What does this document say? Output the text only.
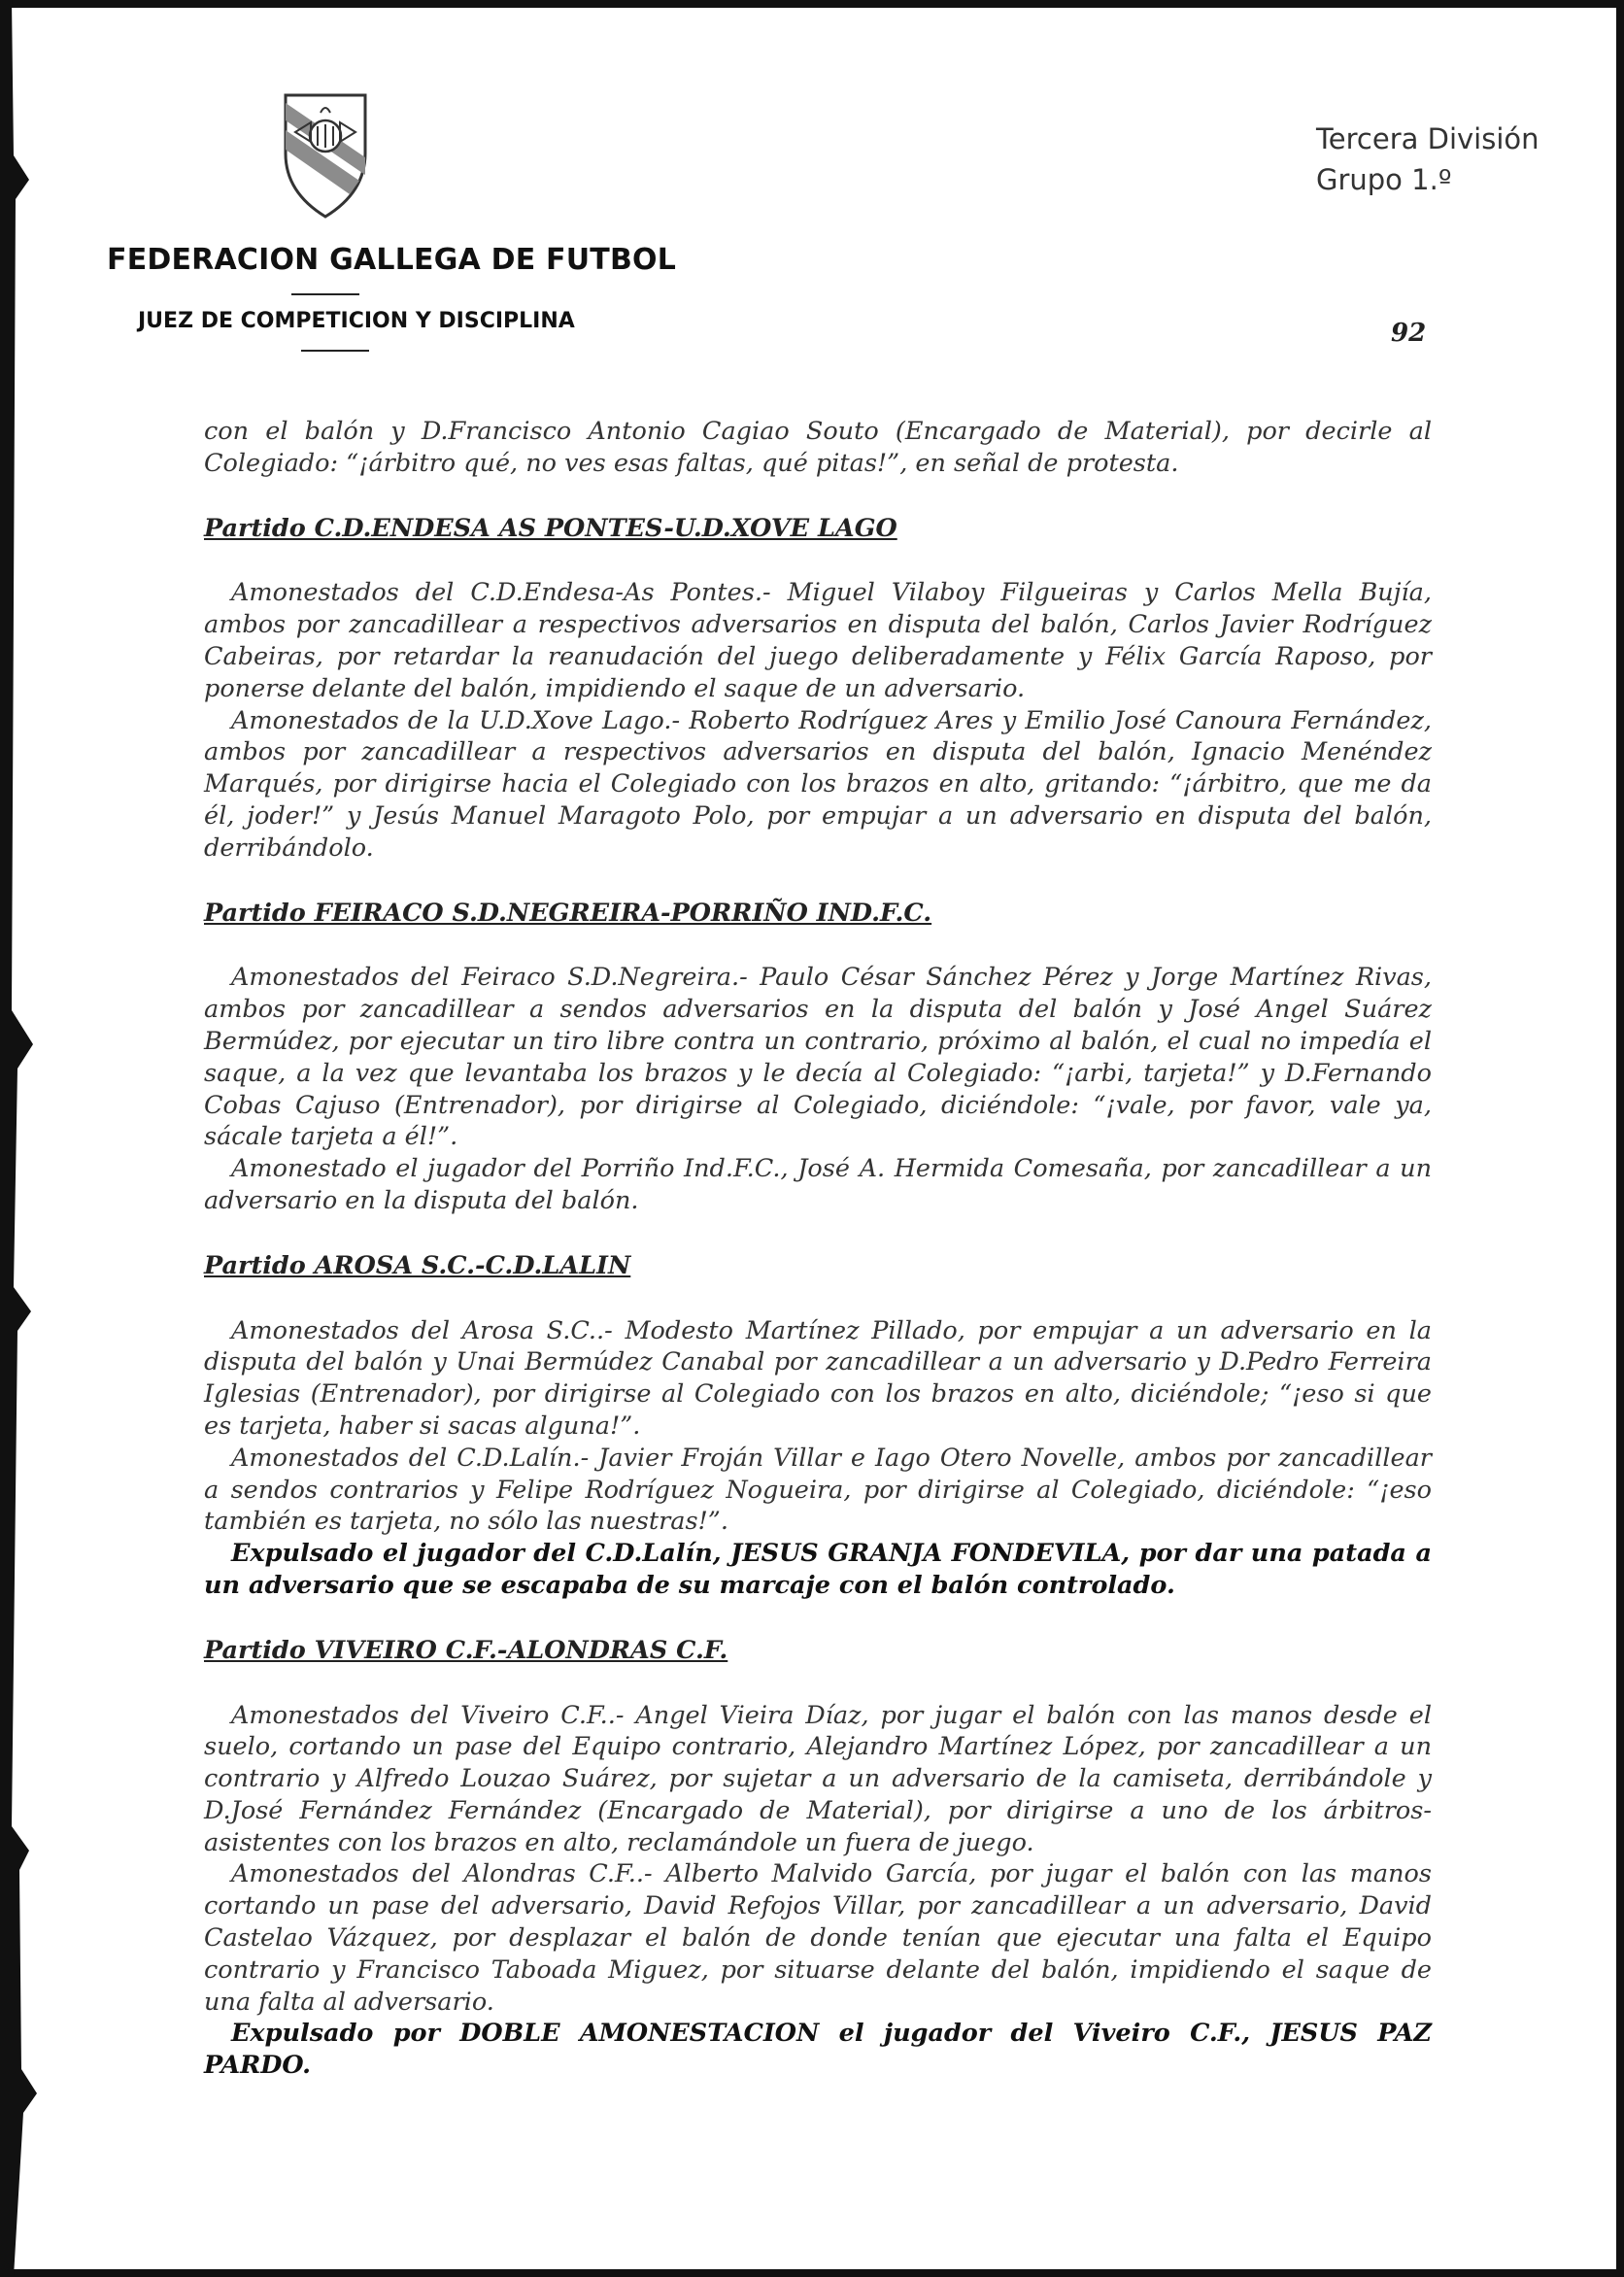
FEDERACION GALLEGA DE FUTBOL
JUEZ DE COMPETICION Y DISCIPLINA
Tercera División
Grupo 1.º
92

con el balón y D.Francisco Antonio Cagiao Souto (Encargado de Material), por decirle al Colegiado: “¡árbitro qué, no ves esas faltas, qué pitas!”, en señal de protesta.

Partido C.D.ENDESA AS PONTES-U.D.XOVE LAGO

Amonestados del C.D.Endesa-As Pontes.- Miguel Vilaboy Filgueiras y Carlos Mella Bujía, ambos por zancadillear a respectivos adversarios en disputa del balón, Carlos Javier Rodríguez Cabeiras, por retardar la reanudación del juego deliberadamente y Félix García Raposo, por ponerse delante del balón, impidiendo el saque de un adversario.

Amonestados de la U.D.Xove Lago.- Roberto Rodríguez Ares y Emilio José Canoura Fernández, ambos por zancadillear a respectivos adversarios en disputa del balón, Ignacio Menéndez Marqués, por dirigirse hacia el Colegiado con los brazos en alto, gritando: “¡árbitro, que me da él, joder!” y Jesús Manuel Maragoto Polo, por empujar a un adversario en disputa del balón, derribándolo.

Partido FEIRACO S.D.NEGREIRA-PORRIÑO IND.F.C.

Amonestados del Feiraco S.D.Negreira.- Paulo César Sánchez Pérez y Jorge Martínez Rivas, ambos por zancadillear a sendos adversarios en la disputa del balón y José Angel Suárez Bermúdez, por ejecutar un tiro libre contra un contrario, próximo al balón, el cual no impedía el saque, a la vez que levantaba los brazos y le decía al Colegiado: “¡arbi, tarjeta!” y D.Fernando Cobas Cajuso (Entrenador), por dirigirse al Colegiado, diciéndole: “¡vale, por favor, vale ya, sácale tarjeta a él!”.

Amonestado el jugador del Porriño Ind.F.C., José A. Hermida Comesaña, por zancadillear a un adversario en la disputa del balón.

Partido AROSA S.C.-C.D.LALIN

Amonestados del Arosa S.C..- Modesto Martínez Pillado, por empujar a un adversario en la disputa del balón y Unai Bermúdez Canabal por zancadillear a un adversario y D.Pedro Ferreira Iglesias (Entrenador), por dirigirse al Colegiado con los brazos en alto, diciéndole; “¡eso si que es tarjeta, haber si sacas alguna!”.

Amonestados del C.D.Lalín.- Javier Froján Villar e Iago Otero Novelle, ambos por zancadillear a sendos contrarios y Felipe Rodríguez Nogueira, por dirigirse al Colegiado, diciéndole: “¡eso también es tarjeta, no sólo las nuestras!”.

Expulsado el jugador del C.D.Lalín, JESUS GRANJA FONDEVILA, por dar una patada a un adversario que se escapaba de su marcaje con el balón controlado.

Partido VIVEIRO C.F.-ALONDRAS C.F.

Amonestados del Viveiro C.F..- Angel Vieira Díaz, por jugar el balón con las manos desde el suelo, cortando un pase del Equipo contrario, Alejandro Martínez López, por zancadillear a un contrario y Alfredo Louzao Suárez, por sujetar a un adversario de la camiseta, derribándole y D.José Fernández Fernández (Encargado de Material), por dirigirse a uno de los árbitros-asistentes con los brazos en alto, reclamándole un fuera de juego.

Amonestados del Alondras C.F..- Alberto Malvido García, por jugar el balón con las manos cortando un pase del adversario, David Refojos Villar, por zancadillear a un adversario, David Castelao Vázquez, por desplazar el balón de donde tenían que ejecutar una falta el Equipo contrario y Francisco Taboada Miguez, por situarse delante del balón, impidiendo el saque de una falta al adversario.

Expulsado por DOBLE AMONESTACION el jugador del Viveiro C.F., JESUS PAZ PARDO.
